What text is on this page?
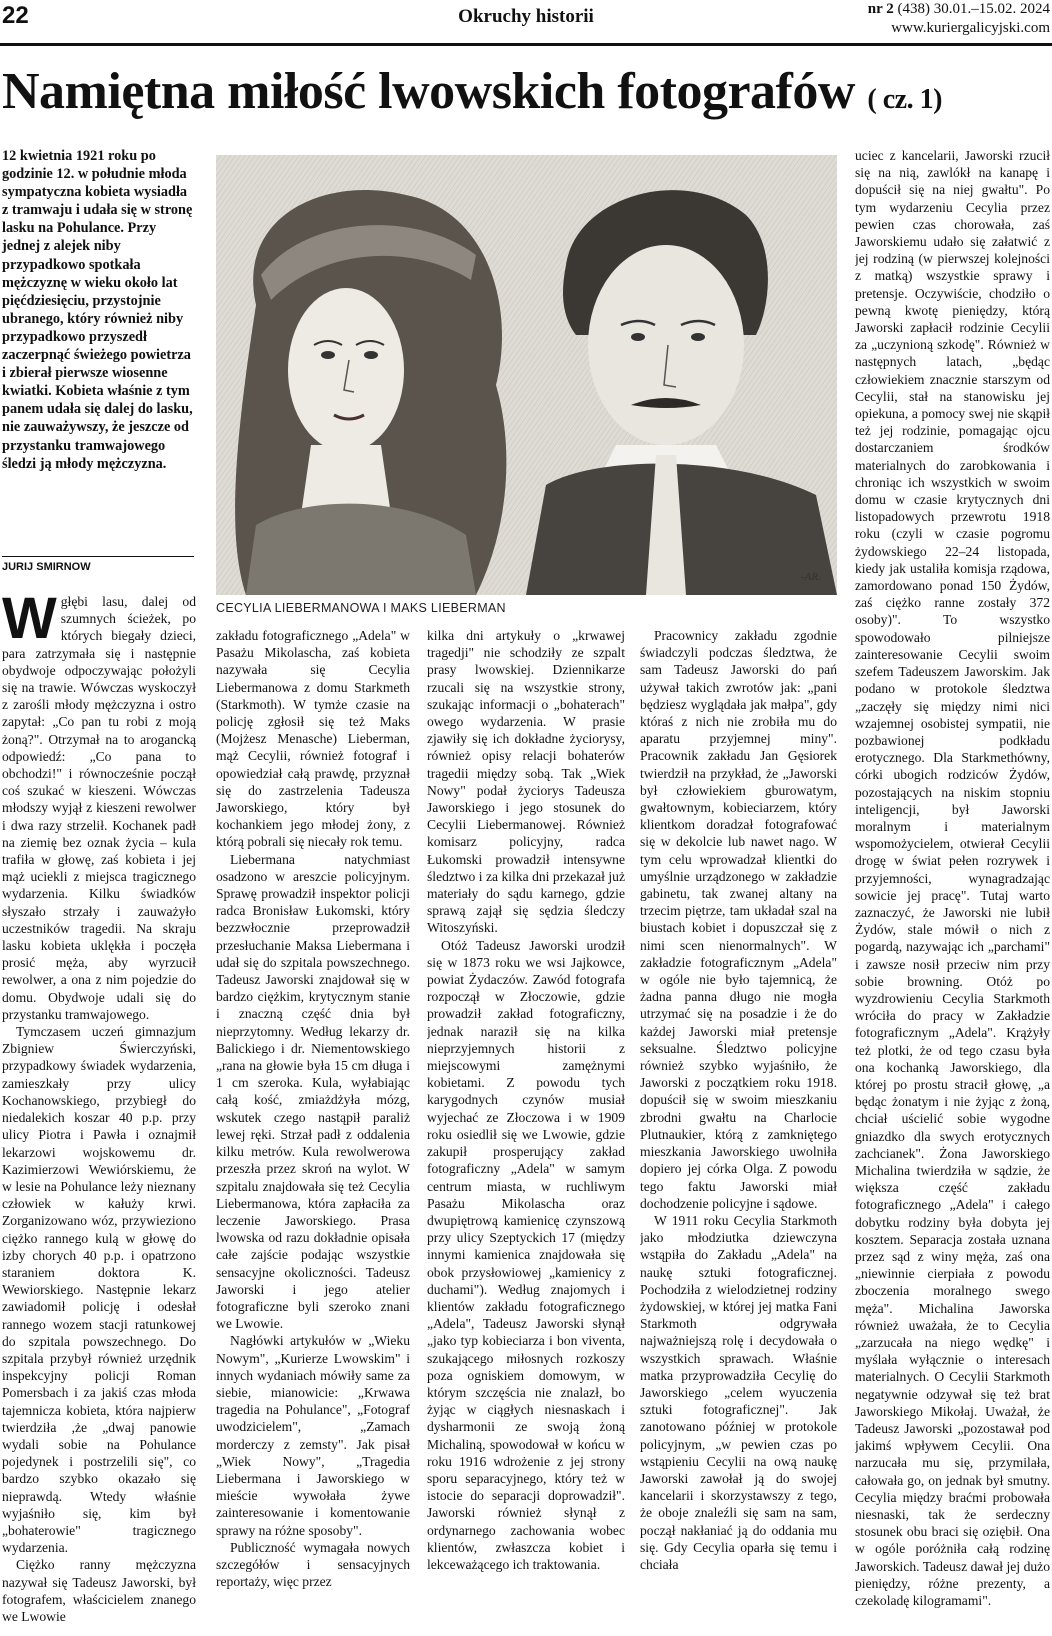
22	Okruchy historii	nr 2 (438) 30.01.–15.02. 2024
www.kuriergalicyjski.com
Namiętna miłość lwowskich fotografów ( cz. 1)
12 kwietnia 1921 roku po godzinie 12. w południe młoda sympatyczna kobieta wysiadła z tramwaju i udała się w stronę lasku na Pohulance. Przy jednej z alejek niby przypadkowo spotkała mężczyznę w wieku około lat pięćdziesięciu, przystojnie ubranego, który również niby przypadkowo przyszedł zaczerpnąć świeżego powietrza i zbierał pierwsze wiosenne kwiatki. Kobieta właśnie z tym panem udała się dalej do lasku, nie zauważywszy, że jeszcze od przystanku tramwajowego śledzi ją młody mężczyzna.
JURIJ SMIRNOW
-AR.
CECYLIA LIEBERMANOWA I MAKS LIEBERMAN

Wgłębi lasu, dalej od szumnych ścieżek, po których biegały dzieci, para zatrzymała się i następnie obydwoje odpoczywając położyli się na trawie. Wówczas wyskoczył z zarośli młody mężczyzna i ostro zapytał: „Co pan tu robi z moją żoną?". Otrzymał na to arogancką odpowiedź: „Co pana to obchodzi!" i równocześnie począł coś szukać w kieszeni. Wówczas młodszy wyjął z kieszeni rewolwer i dwa razy strzelił. Kochanek padł na ziemię bez oznak życia – kula trafiła w głowę, zaś kobieta i jej mąż uciekli z miejsca tragicznego wydarzenia. Kilku świadków słyszało strzały i zauważyło uczestników tragedii. Na skraju lasku kobieta uklękła i poczęła prosić męża, aby wyrzucił rewolwer, a ona z nim pojedzie do domu. Obydwoje udali się do przystanku tramwajowego.

Tymczasem uczeń gimnazjum Zbigniew Świerczyński, przypadkowy świadek wydarzenia, zamieszkały przy ulicy Kochanowskiego, przybiegł do niedalekich koszar 40 p.p. przy ulicy Piotra i Pawła i oznajmił lekarzowi wojskowemu dr. Kazimierzowi Wewiórskiemu, że w lesie na Pohulance leży nieznany człowiek w kałuży krwi. Zorganizowano wóz, przywieziono ciężko rannego kulą w głowę do izby chorych 40 p.p. i opatrzono staraniem doktora K. Wewiorskiego. Następnie lekarz zawiadomił policję i odesłał rannego wozem stacji ratunkowej do szpitala powszechnego. Do szpitala przybył również urzędnik inspekcyjny policji Roman Pomersbach i za jakiś czas młoda tajemnicza kobieta, która najpierw twierdziła ,że „dwaj panowie wydali sobie na Pohulance pojedynek i postrzelili się", co bardzo szybko okazało się nieprawdą. Wtedy właśnie wyjaśniło się, kim był „bohaterowie" tragicznego wydarzenia.

Ciężko ranny mężczyzna nazywał się Tadeusz Jaworski, był fotografem, właścicielem znanego we Lwowie

zakładu fotograficznego „Adela" w Pasażu Mikolascha, zaś kobieta nazywała się Cecylia Liebermanowa z domu Starkmeth (Starkmoth). W tymże czasie na policję zgłosił się też Maks (Mojżesz Menasche) Lieberman, mąż Cecylii, również fotograf i opowiedział całą prawdę, przyznał się do zastrzelenia Tadeusza Jaworskiego, który był kochankiem jego młodej żony, z którą pobrali się niecały rok temu.

Liebermana natychmiast osadzono w areszcie policyjnym. Sprawę prowadził inspektor policji radca Bronisław Łukomski, który bezzwłocznie przeprowadził przesłuchanie Maksa Liebermana i udał się do szpitala powszechnego. Tadeusz Jaworski znajdował się w bardzo ciężkim, krytycznym stanie i znaczną część dnia był nieprzytomny. Według lekarzy dr. Balickiego i dr. Niementowskiego „rana na głowie była 15 cm długa i 1 cm szeroka. Kula, wyłabiając całą kość, zmiażdżyła mózg, wskutek czego nastąpił paraliż lewej ręki. Strzał padł z oddalenia kilku metrów. Kula rewolwerowa przeszła przez skroń na wylot. W szpitalu znajdowała się też Cecylia Liebermanowa, która zapłaciła za leczenie Jaworskiego. Prasa lwowska od razu dokładnie opisała całe zajście podając wszystkie sensacyjne okoliczności. Tadeusz Jaworski i jego atelier fotograficzne byli szeroko znani we Lwowie.

Nagłówki artykułów w „Wieku Nowym", „Kurierze Lwowskim" i innych wydaniach mówiły same za siebie, mianowicie: „Krwawa tragedia na Pohulance", „Fotograf uwodzicielem", „Zamach morderczy z zemsty". Jak pisał „Wiek Nowy", „Tragedia Liebermana i Jaworskiego w mieście wywołała żywe zainteresowanie i komentowanie sprawy na różne sposoby".

Publiczność wymagała nowych szczegółów i sensacyjnych reportaży, więc przez

kilka dni artykuły o „krwawej tragedji" nie schodziły ze szpalt prasy lwowskiej. Dziennikarze rzucali się na wszystkie strony, szukając informacji o „bohaterach" owego wydarzenia. W prasie zjawiły się ich dokładne życiorysy, również opisy relacji bohaterów tragedii między sobą. Tak „Wiek Nowy" podał życiorys Tadeusza Jaworskiego i jego stosunek do Cecylii Liebermanowej. Również komisarz policyjny, radca Łukomski prowadził intensywne śledztwo i za kilka dni przekazał już materiały do sądu karnego, gdzie sprawą zajął się sędzia śledczy Witoszyński.

Otóż Tadeusz Jaworski urodził się w 1873 roku we wsi Jajkowce, powiat Żydaczów. Zawód fotografa rozpoczął w Złoczowie, gdzie prowadził zakład fotograficzny, jednak naraził się na kilka nieprzyjemnych historii z miejscowymi zamężnymi kobietami. Z powodu tych karygodnych czynów musiał wyjechać ze Złoczowa i w 1909 roku osiedlił się we Lwowie, gdzie zakupił prosperujący zakład fotograficzny „Adela" w samym centrum miasta, w ruchliwym Pasażu Mikolascha oraz dwupiętrową kamienicę czynszową przy ulicy Szeptyckich 17 (między innymi kamienica znajdowała się obok przysłowiowej „kamienicy z duchami"). Według znajomych i klientów zakładu fotograficznego „Adela", Tadeusz Jaworski słynął „jako typ kobieciarza i bon viventa, szukającego miłosnych rozkoszy poza ogniskiem domowym, w którym szczęścia nie znalazł, bo żyjąc w ciągłych niesnaskach i dysharmonii ze swoją żoną Michaliną, spowodował w końcu w roku 1916 wdrożenie z jej strony sporu separacyjnego, który też w istocie do separacji doprowadził". Jaworski również słynął z ordynarnego zachowania wobec klientów, zwłaszcza kobiet i lekceważącego ich traktowania.

Pracownicy zakładu zgodnie świadczyli podczas śledztwa, że sam Tadeusz Jaworski do pań używał takich zwrotów jak: „pani będziesz wyglądała jak małpa", gdy któraś z nich nie zrobiła mu do aparatu przyjemnej miny". Pracownik zakładu Jan Gęsiorek twierdził na przykład, że „Jaworski był człowiekiem gburowatym, gwałtownym, kobieciarzem, który klientkom doradzał fotografować się w dekolcie lub nawet nago. W tym celu wprowadzał klientki do umyślnie urządzonego w zakładzie gabinetu, tak zwanej altany na trzecim piętrze, tam układał szal na biustach kobiet i dopuszczał się z nimi scen nienormalnych". W zakładzie fotograficznym „Adela" w ogóle nie było tajemnicą, że żadna panna długo nie mogła utrzymać się na posadzie i że do każdej Jaworski miał pretensje seksualne. Śledztwo policyjne również szybko wyjaśniło, że Jaworski z początkiem roku 1918. dopuścił się w swoim mieszkaniu zbrodni gwałtu na Charlocie Plutnaukier, którą z zamkniętego mieszkania Jaworskiego uwolniła dopiero jej córka Olga. Z powodu tego faktu Jaworski miał dochodzenie policyjne i sądowe.

W 1911 roku Cecylia Starkmoth jako młodziutka dziewczyna wstąpiła do Zakładu „Adela" na naukę sztuki fotograficznej. Pochodziła z wielodzietnej rodziny żydowskiej, w której jej matka Fani Starkmoth odgrywała najważniejszą rolę i decydowała o wszystkich sprawach. Właśnie matka przyprowadziła Cecylię do Jaworskiego „celem wyuczenia sztuki fotograficznej". Jak zanotowano później w protokole policyjnym, „w pewien czas po wstąpieniu Cecylii na ową naukę Jaworski zawołał ją do swojej kancelarii i skorzystawszy z tego, że oboje znaleźli się sam na sam, począł nakłaniać ją do oddania mu się. Gdy Cecylia oparła się temu i chciała

uciec z kancelarii, Jaworski rzucił się na nią, zawlókł na kanapę i dopuścił się na niej gwałtu". Po tym wydarzeniu Cecylia przez pewien czas chorowała, zaś Jaworskiemu udało się załatwić z jej rodziną (w pierwszej kolejności z matką) wszystkie sprawy i pretensje. Oczywiście, chodziło o pewną kwotę pieniędzy, którą Jaworski zapłacił rodzinie Cecylii za „uczynioną szkodę". Również w następnych latach, „będąc człowiekiem znacznie starszym od Cecylii, stał na stanowisku jej opiekuna, a pomocy swej nie skąpił też jej rodzinie, pomagając ojcu dostarczaniem środków materialnych do zarobkowania i chroniąc ich wszystkich w swoim domu w czasie krytycznych dni listopadowych przewrotu 1918 roku (czyli w czasie pogromu żydowskiego 22–24 listopada, kiedy jak ustaliła komisja rządowa, zamordowano ponad 150 Żydów, zaś ciężko ranne zostały 372 osoby)". To wszystko spowodowało pilniejsze zainteresowanie Cecylii swoim szefem Tadeuszem Jaworskim. Jak podano w protokole śledztwa „zaczęły się między nimi nici wzajemnej osobistej sympatii, nie pozbawionej podkładu erotycznego. Dla Starkmethówny, córki ubogich rodziców Żydów, pozostających na niskim stopniu inteligencji, był Jaworski moralnym i materialnym wspomożycielem, otwierał Cecylii drogę w świat pełen rozrywek i przyjemności, wynagradzając sowicie jej pracę". Tutaj warto zaznaczyć, że Jaworski nie lubił Żydów, stale mówił o nich z pogardą, nazywając ich „parchami" i zawsze nosił przeciw nim przy sobie browning. Otóż po wyzdrowieniu Cecylia Starkmoth wróciła do pracy w Zakładzie fotograficznym „Adela". Krążyły też plotki, że od tego czasu była ona kochanką Jaworskiego, dla której po prostu stracił głowę, „a będąc żonatym i nie żyjąc z żoną, chciał uścielić sobie wygodne gniazdko dla swych erotycznych zachcianek". Żona Jaworskiego Michalina twierdziła w sądzie, że większa część zakładu fotograficznego „Adela" i całego dobytku rodziny była dobyta jej kosztem. Separacja została uznana przez sąd z winy męża, zaś ona „niewinnie cierpiała z powodu zboczenia moralnego swego męża". Michalina Jaworska również uważała, że to Cecylia „zarzucała na niego wędkę" i myślała wyłącznie o interesach materialnych. O Cecylii Starkmoth negatywnie odzywał się też brat Jaworskiego Mikołaj. Uważał, że Tadeusz Jaworski „pozostawał pod jakimś wpływem Cecylii. Ona narzucała mu się, przymilała, całowała go, on jednak był smutny. Cecylia między braćmi probowała niesnaski, tak że serdeczny stosunek obu braci się oziębił. Ona w ogóle poróżniła całą rodzinę Jaworskich. Tadeusz dawał jej dużo pieniędzy, różne prezenty, a czekoladę kilogramami".
